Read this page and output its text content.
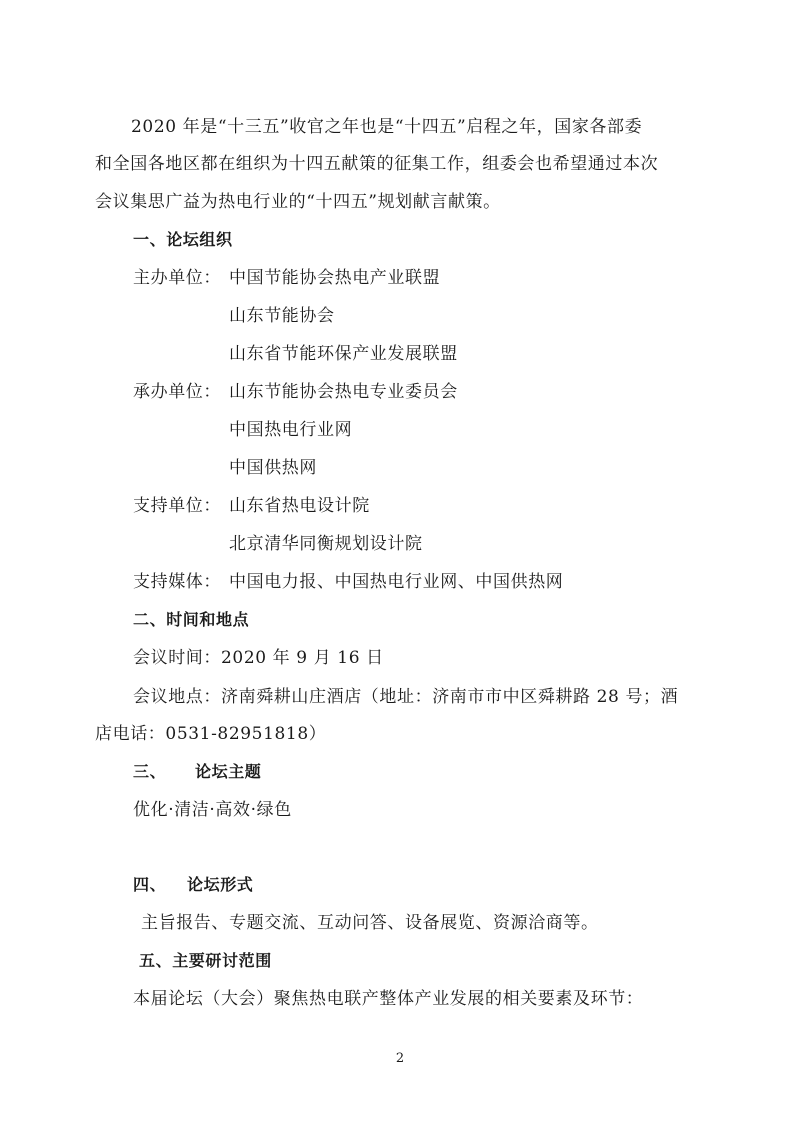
2020 年是“十三五”收官之年也是“十四五”启程之年，国家各部委
和全国各地区都在组织为十四五献策的征集工作，组委会也希望通过本次
会议集思广益为热电行业的“十四五”规划献言献策。
一、论坛组织
主办单位： 中国节能协会热电产业联盟
山东节能协会
山东省节能环保产业发展联盟
承办单位： 山东节能协会热电专业委员会
中国热电行业网
中国供热网
支持单位： 山东省热电设计院
北京清华同衡规划设计院
支持媒体： 中国电力报、中国热电行业网、中国供热网
二、时间和地点
会议时间：2020 年 9 月 16 日
会议地点：济南舜耕山庄酒店（地址：济南市市中区舜耕路 28 号；酒
店电话：0531-82951818）
三、 论坛主题
优化·清洁·高效·绿色
四、 论坛形式
主旨报告、专题交流、互动问答、设备展览、资源洽商等。
五、主要研讨范围
本届论坛（大会）聚焦热电联产整体产业发展的相关要素及环节：
2
